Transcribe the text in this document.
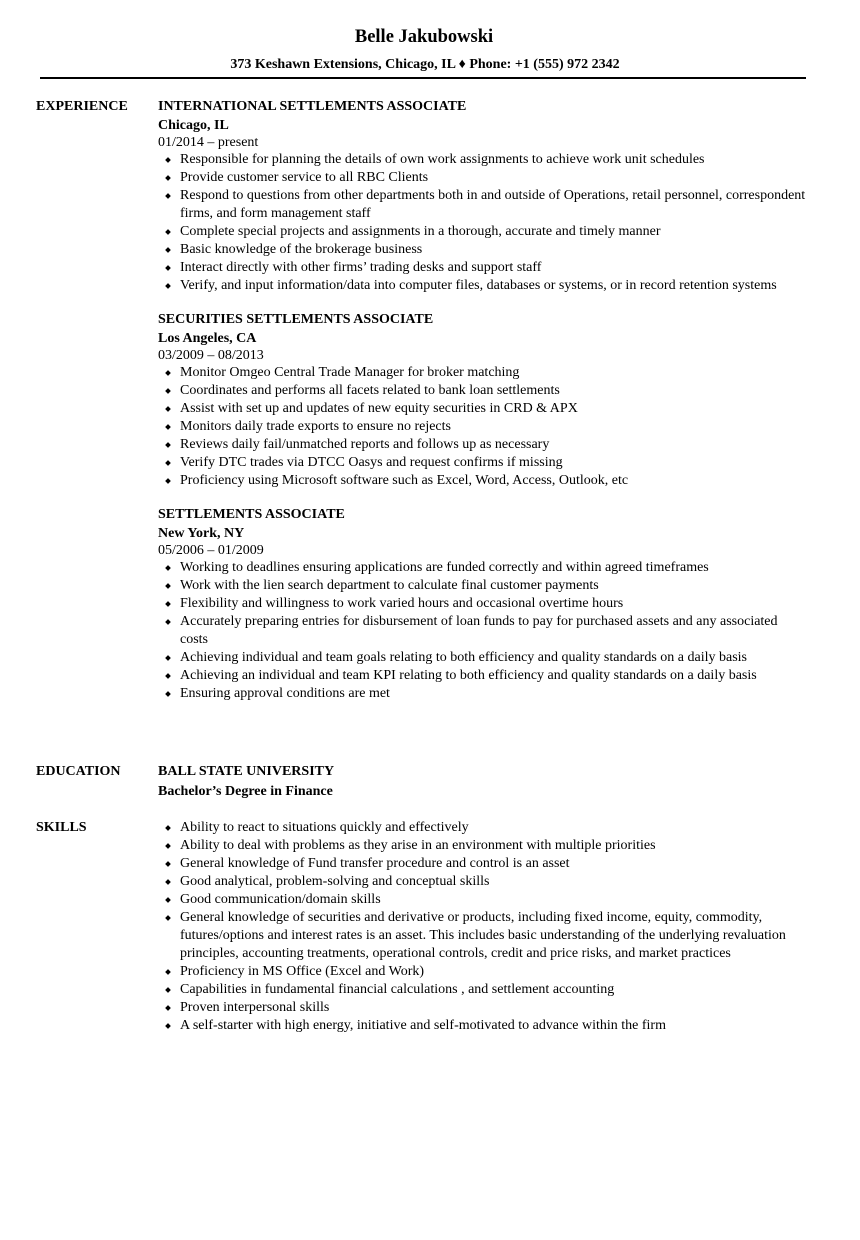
Belle Jakubowski
373 Keshawn Extensions, Chicago, IL ♦ Phone: +1 (555) 972 2342
EXPERIENCE INTERNATIONAL SETTLEMENTS ASSOCIATE
Chicago, IL
01/2014 – present
Responsible for planning the details of own work assignments to achieve work unit schedules
Provide customer service to all RBC Clients
Respond to questions from other departments both in and outside of Operations, retail personnel, correspondent firms, and form management staff
Complete special projects and assignments in a thorough, accurate and timely manner
Basic knowledge of the brokerage business
Interact directly with other firms’ trading desks and support staff
Verify, and input information/data into computer files, databases or systems, or in record retention systems
SECURITIES SETTLEMENTS ASSOCIATE
Los Angeles, CA
03/2009 – 08/2013
Monitor Omgeo Central Trade Manager for broker matching
Coordinates and performs all facets related to bank loan settlements
Assist with set up and updates of new equity securities in CRD & APX
Monitors daily trade exports to ensure no rejects
Reviews daily fail/unmatched reports and follows up as necessary
Verify DTC trades via DTCC Oasys and request confirms if missing
Proficiency using Microsoft software such as Excel, Word, Access, Outlook, etc
SETTLEMENTS ASSOCIATE
New York, NY
05/2006 – 01/2009
Working to deadlines ensuring applications are funded correctly and within agreed timeframes
Work with the lien search department to calculate final customer payments
Flexibility and willingness to work varied hours and occasional overtime hours
Accurately preparing entries for disbursement of loan funds to pay for purchased assets and any associated costs
Achieving individual and team goals relating to both efficiency and quality standards on a daily basis
Achieving an individual and team KPI relating to both efficiency and quality standards on a daily basis
Ensuring approval conditions are met
EDUCATION	BALL STATE UNIVERSITY
Bachelor’s Degree in Finance
SKILLS	Ability to react to situations quickly and effectively
Ability to deal with problems as they arise in an environment with multiple priorities
General knowledge of Fund transfer procedure and control is an asset
Good analytical, problem-solving and conceptual skills
Good communication/domain skills
General knowledge of securities and derivative or products, including fixed income, equity, commodity, futures/options and interest rates is an asset. This includes basic understanding of the underlying revaluation principles, accounting treatments, operational controls, credit and price risks, and market practices
Proficiency in MS Office (Excel and Work)
Capabilities in fundamental financial calculations , and settlement accounting
Proven interpersonal skills
A self-starter with high energy, initiative and self-motivated to advance within the firm
